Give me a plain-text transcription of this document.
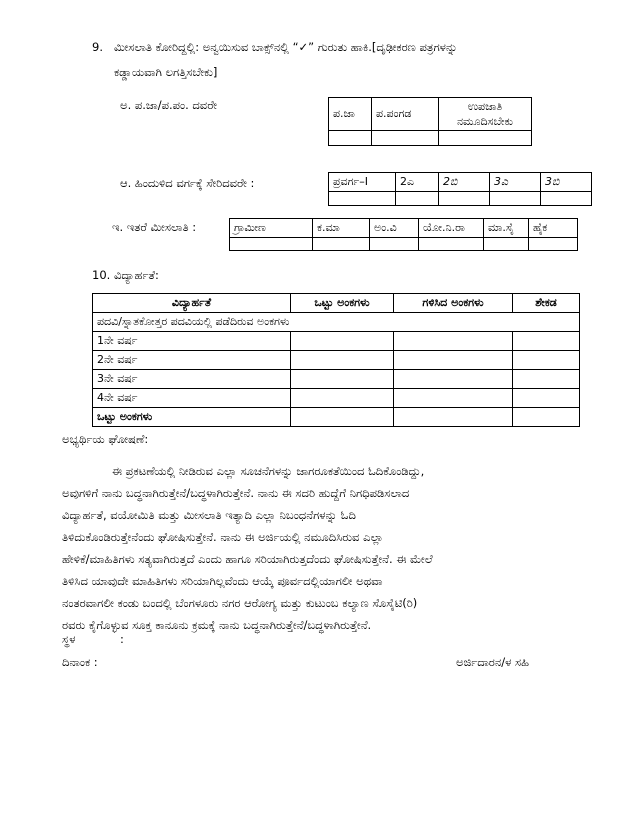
9. ಮೀಸಲಾತಿ ಕೋರಿದ್ದಲ್ಲಿ: ಅನ್ವಯಿಸುವ ಬಾಕ್ಸ್‌ನಲ್ಲಿ “✓” ಗುರುತು ಹಾಕಿ.[ದೃಢೀಕರಣ ಪತ್ರಗಳನ್ನು
ಕಡ್ಡಾಯವಾಗಿ ಲಗತ್ತಿಸಬೇಕು]
ಅ. ಪ.ಜಾ/ಪ.ಪಂ. ದವರೇ
ಪ.ಜಾ	ಪ.ಪಂಗಡ	ಉಪಜಾತಿ
ನಮೂದಿಸಬೇಕು

ಆ. ಹಿಂದುಳಿದ ವರ್ಗಕ್ಕೆ ಸೇರಿದವರೇ :	ಪ್ರವರ್ಗ–I	2ಎ	2ಬಿ	3ಎ	3ಬಿ

ಇ. ಇತರೆ ಮೀಸಲಾತಿ :	ಗ್ರಾಮೀಣ	ಕ.ಮಾ	ಅಂ.ವಿ	ಯೋ.ನಿ.ರಾ	ಮಾ.ಸೈ	ಹೈಕ

10. ವಿದ್ಯಾರ್ಹತೆ:
ವಿದ್ಯಾರ್ಹತೆ	ಒಟ್ಟು ಅಂಕಗಳು	ಗಳಿಸಿದ ಅಂಕಗಳು	ಶೇಕಡ
ಪದವಿ/ಸ್ನಾತಕೋತ್ತರ ಪದವಿಯಲ್ಲಿ ಪಡೆದಿರುವ ಅಂಕಗಳು			
1ನೇ ವರ್ಷ			
2ನೇ ವರ್ಷ			
3ನೇ ವರ್ಷ			
4ನೇ ವರ್ಷ			
ಒಟ್ಟು ಅಂಕಗಳು			
ಅಭ್ಯರ್ಥಿಯ ಘೋಷಣೆ:

ಈ ಪ್ರಕಟಣೆಯಲ್ಲಿ ನೀಡಿರುವ ಎಲ್ಲಾ ಸೂಚನೆಗಳನ್ನು ಜಾಗರೂಕತೆಯಿಂದ ಓದಿಕೊಂಡಿದ್ದು,

ಅವುಗಳಿಗೆ ನಾನು ಬದ್ಧನಾಗಿರುತ್ತೇನೆ/ಬದ್ಧಳಾಗಿರುತ್ತೇನೆ. ನಾನು ಈ ಸದರಿ ಹುದ್ದೆಗೆ ನಿಗಧಿಪಡಿಸಲಾದ

ವಿದ್ಯಾರ್ಹತೆ, ವಯೋಮಿತಿ ಮತ್ತು ಮೀಸಲಾತಿ ಇತ್ಯಾದಿ ಎಲ್ಲಾ ನಿಬಂಧನೆಗಳನ್ನು ಓದಿ

ತಿಳಿದುಕೊಂಡಿರುತ್ತೇನೆಂದು ಘೋಷಿಸುತ್ತೇನೆ. ನಾನು ಈ ಅರ್ಜಿಯಲ್ಲಿ ನಮೂದಿಸಿರುವ ಎಲ್ಲಾ

ಹೇಳಿಕೆ/ಮಾಹಿತಿಗಳು ಸತ್ಯವಾಗಿರುತ್ತದೆ ಎಂದು ಹಾಗೂ ಸರಿಯಾಗಿರುತ್ತದೆಂದು ಘೋಷಿಸುತ್ತೇನೆ. ಈ ಮೇಲೆ

ತಿಳಿಸಿದ ಯಾವುದೇ ಮಾಹಿತಿಗಳು ಸರಿಯಾಗಿಲ್ಲವೆಂದು ಆಯ್ಕೆ ಪೂರ್ವದಲ್ಲಿಯಾಗಲೀ ಅಥವಾ

ನಂತರವಾಗಲೀ ಕಂಡು ಬಂದಲ್ಲಿ ಬೆಂಗಳೂರು ನಗರ ಆರೋಗ್ಯ ಮತ್ತು ಕುಟುಂಬ ಕಲ್ಯಾಣ ಸೊಸೈಟಿ(ರಿ)

ರವರು ಕೈಗೊಳ್ಳುವ ಸೂಕ್ತ ಕಾನೂನು ಕ್ರಮಕ್ಕೆ ನಾನು ಬದ್ಧನಾಗಿರುತ್ತೇನೆ/ಬದ್ಧಳಾಗಿರುತ್ತೇನೆ.

ಸ್ಥಳ	:
ದಿನಾಂಕ :	ಅರ್ಜಿದಾರನ/ಳ ಸಹಿ
